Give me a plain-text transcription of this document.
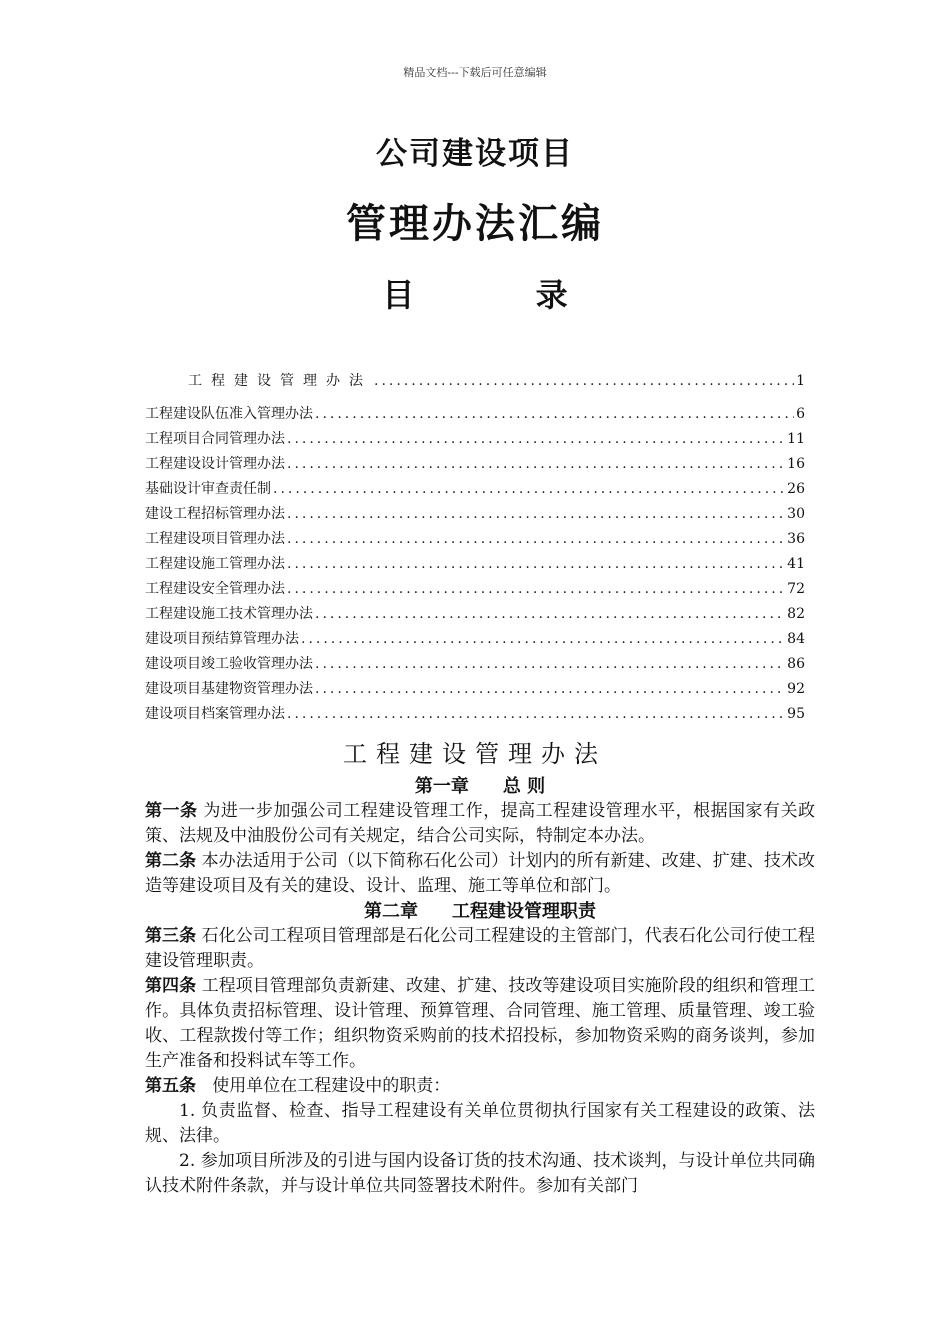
精品文档---下载后可任意编辑
公司建设项目
管理办法汇编
目 录
工程建设管理办法 .....	1
工程建设队伍准入管理办法 .....	6
工程项目合同管理办法 .....	11
工程建设设计管理办法 .....	16
基础设计审查责任制 .....	26
建设工程招标管理办法 .....	30
工程建设项目管理办法 .....	36
工程建设施工管理办法 .....	41
工程建设安全管理办法 .....	72
工程建设施工技术管理办法 .....	82
建设项目预结算管理办法 .....	84
建设项目竣工验收管理办法 .....	86
建设项目基建物资管理办法 .....	92
建设项目档案管理办法 .....	95
工程建设管理办法
第一章 总 则

第一条 为进一步加强公司工程建设管理工作，提高工程建设管理水平，根据国家有关政策、法规及中油股份公司有关规定，结合公司实际，特制定本办法。

第二条 本办法适用于公司（以下简称石化公司）计划内的所有新建、改建、扩建、技术改造等建设项目及有关的建设、设计、监理、施工等单位和部门。

第二章 工程建设管理职责

第三条 石化公司工程项目管理部是石化公司工程建设的主管部门，代表石化公司行使工程建设管理职责。

第四条 工程项目管理部负责新建、改建、扩建、技改等建设项目实施阶段的组织和管理工作。具体负责招标管理、设计管理、预算管理、合同管理、施工管理、质量管理、竣工验收、工程款拨付等工作；组织物资采购前的技术招投标，参加物资采购的商务谈判，参加生产准备和投料试车等工作。

第五条 使用单位在工程建设中的职责：

1. 负责监督、检查、指导工程建设有关单位贯彻执行国家有关工程建设的政策、法规、法律。

2. 参加项目所涉及的引进与国内设备订货的技术沟通、技术谈判，与设计单位共同确认技术附件条款，并与设计单位共同签署技术附件。参加有关部门
